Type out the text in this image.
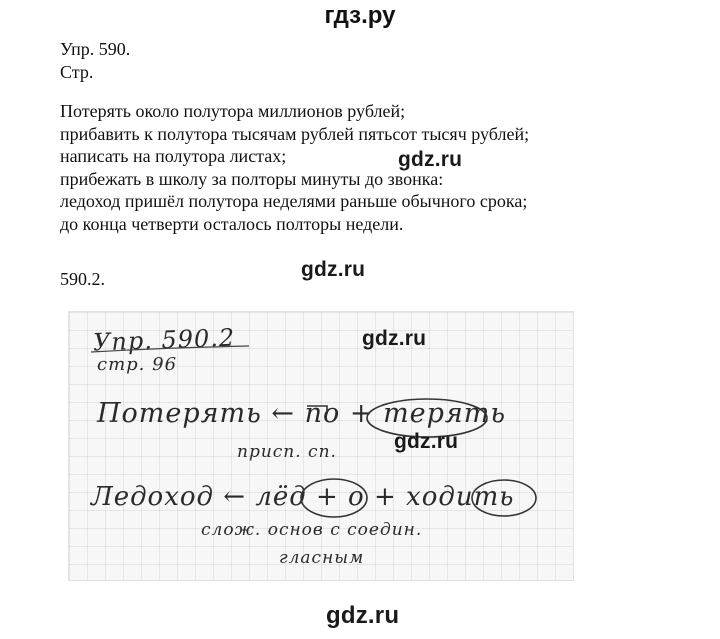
гдз.ру
Упр. 590.
Стр.
Потерять около полутора миллионов рублей;
прибавить к полутора тысячам рублей пятьсот тысяч рублей;
написать на полутора листах;
прибежать в школу за полторы минуты до звонка:
ледоход пришёл полутора неделями раньше обычного срока;
до конца четверти осталось полторы недели.
590.2.
Упр. 590.2
стр. 96
Потерять ← по + терять
присп. сп.
Ледоход ← лёд + о + ходить
слож. основ с соедин.
гласным
gdz.ru
gdz.ru
gdz.ru
gdz.ru
gdz.ru
